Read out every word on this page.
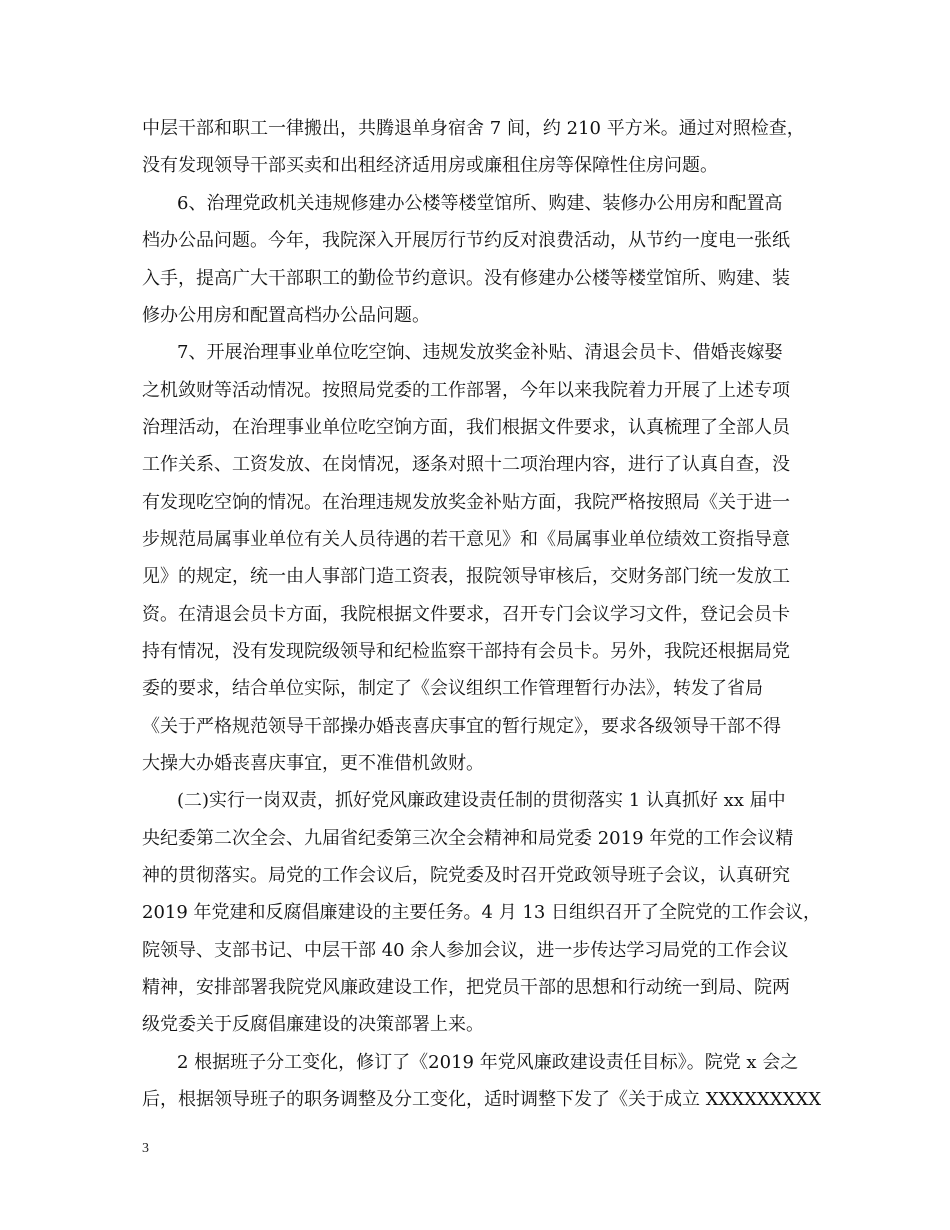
中层干部和职工一律搬出，共腾退单身宿舍 7 间，约 210 平方米。通过对照检查，
没有发现领导干部买卖和出租经济适用房或廉租住房等保障性住房问题。
6、治理党政机关违规修建办公楼等楼堂馆所、购建、装修办公用房和配置高
档办公品问题。今年，我院深入开展厉行节约反对浪费活动，从节约一度电一张纸
入手，提高广大干部职工的勤俭节约意识。没有修建办公楼等楼堂馆所、购建、装
修办公用房和配置高档办公品问题。
7、开展治理事业单位吃空饷、违规发放奖金补贴、清退会员卡、借婚丧嫁娶
之机敛财等活动情况。按照局党委的工作部署，今年以来我院着力开展了上述专项
治理活动，在治理事业单位吃空饷方面，我们根据文件要求，认真梳理了全部人员
工作关系、工资发放、在岗情况，逐条对照十二项治理内容，进行了认真自查，没
有发现吃空饷的情况。在治理违规发放奖金补贴方面，我院严格按照局《关于进一
步规范局属事业单位有关人员待遇的若干意见》和《局属事业单位绩效工资指导意
见》的规定，统一由人事部门造工资表，报院领导审核后，交财务部门统一发放工
资。在清退会员卡方面，我院根据文件要求，召开专门会议学习文件，登记会员卡
持有情况，没有发现院级领导和纪检监察干部持有会员卡。另外，我院还根据局党
委的要求，结合单位实际，制定了《会议组织工作管理暂行办法》，转发了省局
《关于严格规范领导干部操办婚丧喜庆事宜的暂行规定》，要求各级领导干部不得
大操大办婚丧喜庆事宜，更不准借机敛财。
(二)实行一岗双责，抓好党风廉政建设责任制的贯彻落实 1 认真抓好 xx 届中
央纪委第二次全会、九届省纪委第三次全会精神和局党委 2019 年党的工作会议精
神的贯彻落实。局党的工作会议后，院党委及时召开党政领导班子会议，认真研究
2019 年党建和反腐倡廉建设的主要任务。4 月 13 日组织召开了全院党的工作会议，
院领导、支部书记、中层干部 40 余人参加会议，进一步传达学习局党的工作会议
精神，安排部署我院党风廉政建设工作，把党员干部的思想和行动统一到局、院两
级党委关于反腐倡廉建设的决策部署上来。
2 根据班子分工变化，修订了《2019 年党风廉政建设责任目标》。院党 x 会之
后，根据领导班子的职务调整及分工变化，适时调整下发了《关于成立 XXXXXXXXX
3
